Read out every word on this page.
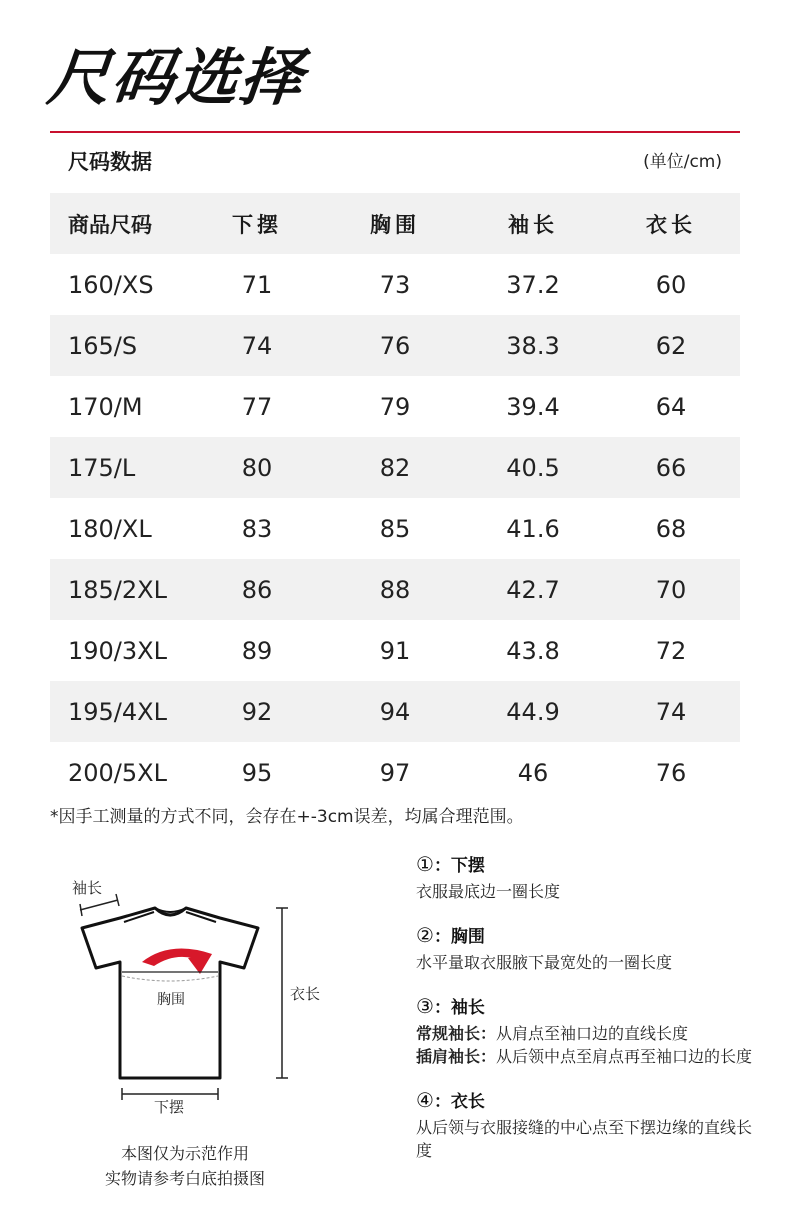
尺码选择
尺码数据	(单位/cm)
商品尺码	下摆	胸围	袖长	衣长
160/XS	71	73	37.2	60
165/S	74	76	38.3	62
170/M	77	79	39.4	64
175/L	80	82	40.5	66
180/XL	83	85	41.6	68
185/2XL	86	88	42.7	70
190/3XL	89	91	43.8	72
195/4XL	92	94	44.9	74
200/5XL	95	97	46	76
*因手工测量的方式不同，会存在+-3cm误差，均属合理范围。
袖长
胸围	衣长
下摆
本图仅为示范作用
实物请参考白底拍摄图
①：下摆
衣服最底边一圈长度
②：胸围
水平量取衣服腋下最宽处的一圈长度
③：袖长
常规袖长： 从肩点至袖口边的直线长度
插肩袖长： 从后领中点至肩点再至袖口边的长度
④：衣长
从后领与衣服接缝的中心点至下摆边缘的直线长度
